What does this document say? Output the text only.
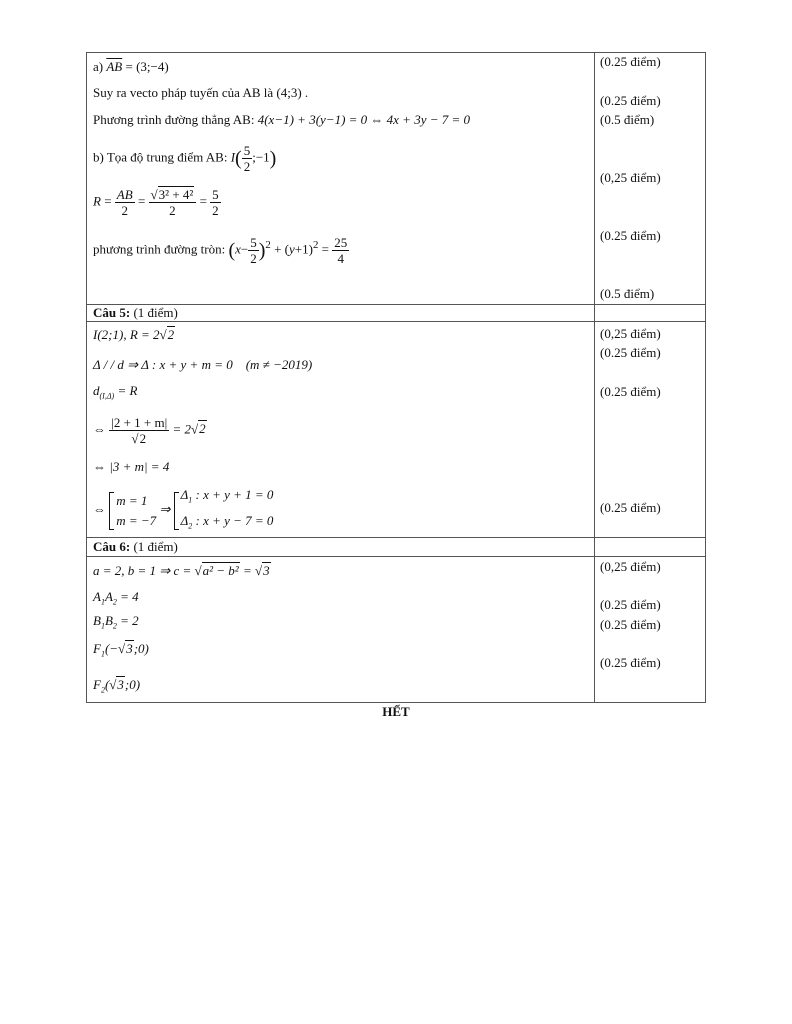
a) $\overline{AB}$ = (3;−4)
Suy ra vecto pháp tuyến của AB là (4;3) .
Phương trình đường thẳng AB: 4(x−1) + 3(y−1) = 0 ⇔ 4x + 3y − 7 = 0
b) Tọa độ trung điểm AB: $I( \frac{5}{2}$ ;−1)
$R = \frac{AB}{2} = \frac{\text{√3² + 4²}}{2} = \frac{5}{2}$
phương trình đường tròn: $(x- \frac{5}{2} )^2 + (y+1)^2 = \frac{25}{4}$
Câu 5: (1 điểm)
I(2;1), R = 2√2
Δ / / d ⇒ Δ : x + y + m = 0    (m ≠ −2019)
$d_{(I,\Delta)} = R$
⇔ $\frac{|2 + 1 + m|}{√2} = 2√2$
⇔ |3 + m| = 4
⇔ m = 1
m = −7 ⇒ $\Delta_1$ : x + y + 1 = 0
$\Delta_2$ : x + y − 7 = 0
Câu 6: (1 điểm)
a = 2, b = 1 ⇒ c = √a² − b² = √3
$A_1A_2 = 4$
$B_1B_2 = 2$
$F_1(-√3;0)$
$F_2(√3;0)$
(0.25 điểm)
(0.25 điểm)
(0.5 điểm)
(0,25 điểm)
(0.25 điểm)
(0.5 điểm)
(0,25 điểm)
(0.25 điểm)
(0.25 điểm)
(0.25 điểm)
(0,25 điểm)
(0.25 điểm)
(0.25 điểm)
(0.25 điểm)
HẾT
